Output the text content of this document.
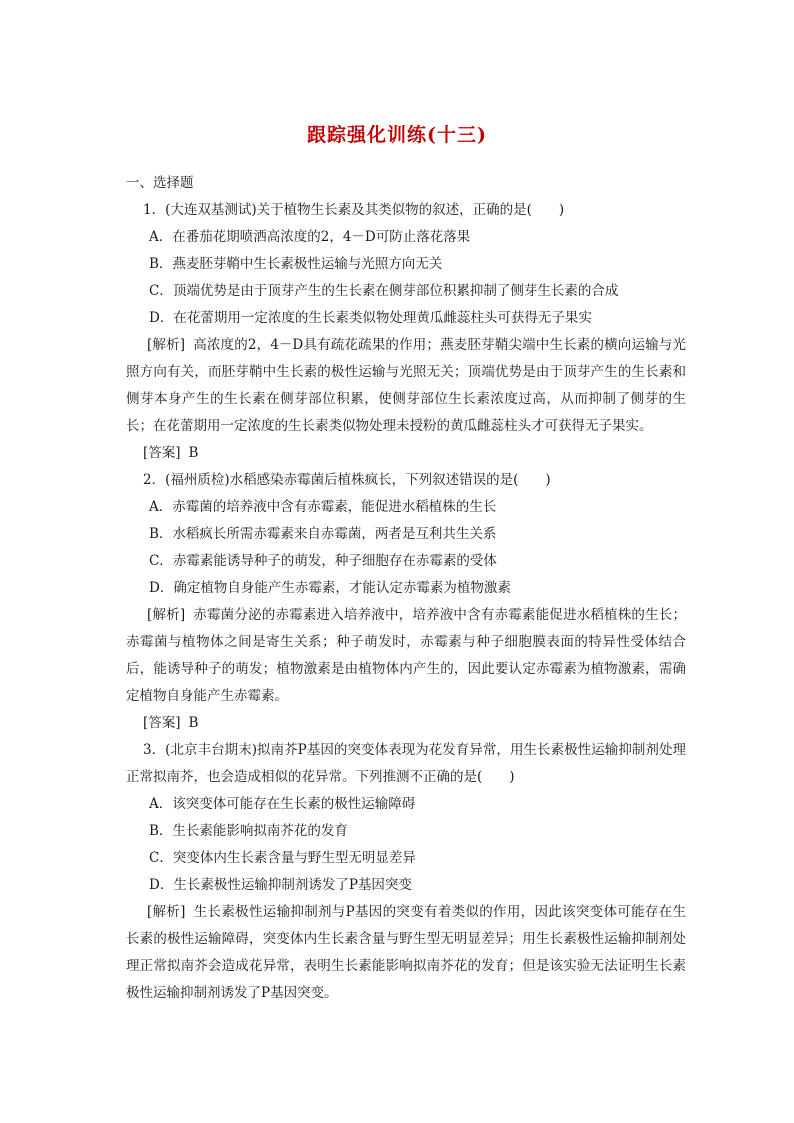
跟踪强化训练(十三)
一、选择题
1．(大连双基测试)关于植物生长素及其类似物的叙述，正确的是(　　)
A．在番茄花期喷洒高浓度的2，4－D可防止落花落果
B．燕麦胚芽鞘中生长素极性运输与光照方向无关
C．顶端优势是由于顶芽产生的生长素在侧芽部位积累抑制了侧芽生长素的合成
D．在花蕾期用一定浓度的生长素类似物处理黄瓜雌蕊柱头可获得无子果实
[解析] 高浓度的2，4－D具有疏花疏果的作用；燕麦胚芽鞘尖端中生长素的横向运输与光照方向有关，而胚芽鞘中生长素的极性运输与光照无关；顶端优势是由于顶芽产生的生长素和侧芽本身产生的生长素在侧芽部位积累，使侧芽部位生长素浓度过高，从而抑制了侧芽的生长；在花蕾期用一定浓度的生长素类似物处理未授粉的黄瓜雌蕊柱头才可获得无子果实。
[答案] B
2．(福州质检)水稻感染赤霉菌后植株疯长，下列叙述错误的是(　　)
A．赤霉菌的培养液中含有赤霉素，能促进水稻植株的生长
B．水稻疯长所需赤霉素来自赤霉菌，两者是互利共生关系
C．赤霉素能诱导种子的萌发，种子细胞存在赤霉素的受体
D．确定植物自身能产生赤霉素，才能认定赤霉素为植物激素
[解析] 赤霉菌分泌的赤霉素进入培养液中，培养液中含有赤霉素能促进水稻植株的生长；赤霉菌与植物体之间是寄生关系；种子萌发时，赤霉素与种子细胞膜表面的特异性受体结合后，能诱导种子的萌发；植物激素是由植物体内产生的，因此要认定赤霉素为植物激素，需确定植物自身能产生赤霉素。
[答案] B
3．(北京丰台期末)拟南芥P基因的突变体表现为花发育异常，用生长素极性运输抑制剂处理正常拟南芥，也会造成相似的花异常。下列推测不正确的是(　　)
A．该突变体可能存在生长素的极性运输障碍
B．生长素能影响拟南芥花的发育
C．突变体内生长素含量与野生型无明显差异
D．生长素极性运输抑制剂诱发了P基因突变
[解析] 生长素极性运输抑制剂与P基因的突变有着类似的作用，因此该突变体可能存在生长素的极性运输障碍，突变体内生长素含量与野生型无明显差异；用生长素极性运输抑制剂处理正常拟南芥会造成花异常，表明生长素能影响拟南芥花的发育；但是该实验无法证明生长素极性运输抑制剂诱发了P基因突变。
